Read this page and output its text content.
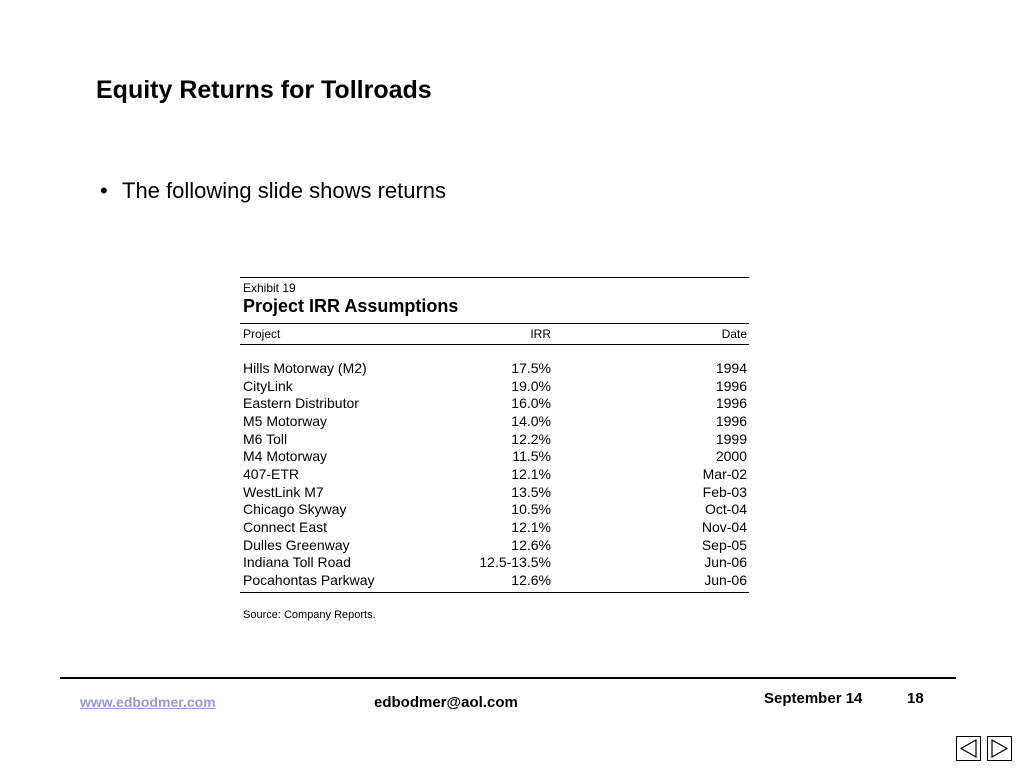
Equity Returns for Tollroads
• The following slide shows returns
Exhibit 19
Project IRR Assumptions
Project	IRR	Date
Hills Motorway (M2)	17.5%	1994
CityLink	19.0%	1996
Eastern Distributor	16.0%	1996
M5 Motorway	14.0%	1996
M6 Toll	12.2%	1999
M4 Motorway	11.5%	2000
407-ETR	12.1%	Mar-02
WestLink M7	13.5%	Feb-03
Chicago Skyway	10.5%	Oct-04
Connect East	12.1%	Nov-04
Dulles Greenway	12.6%	Sep-05
Indiana Toll Road	12.5-13.5%	Jun-06
Pocahontas Parkway	12.6%	Jun-06
Source: Company Reports.
www.edbodmer.com	edbodmer@aol.com	September 14	18
